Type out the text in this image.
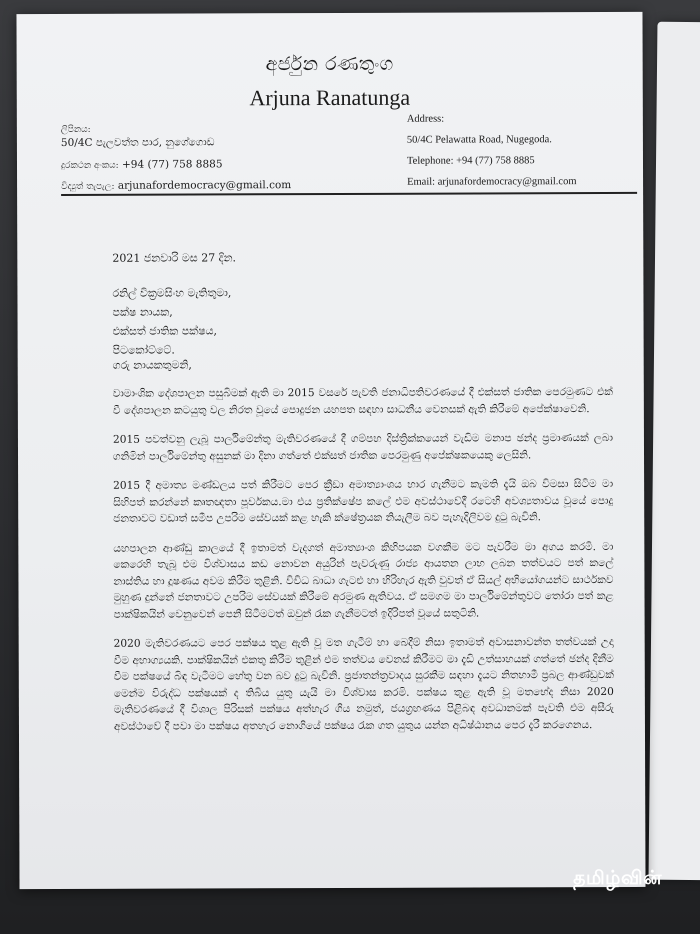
අර්ජුන රණතුංග
Arjuna Ranatunga
ලිපිනය:
50/4C පැලවත්ත පාර, නුගේගොඩ
දුරකථන අංකය: +94 (77) 758 8885
විද්‍යුත් තැපැල: arjunafordemocracy@gmail.com
Address:
50/4C Pelawatta Road, Nugegoda.
Telephone: +94 (77) 758 8885
Email: arjunafordemocracy@gmail.com
2021 ජනවාරි මස 27 දින.
රනිල් වික්‍රමසිංහ මැතිතුමා,
පක්ෂ නායක,
එක්සත් ජාතික පක්ෂය,
පිටකෝට්ටේ.
ගරු නායකතුමනි,

වාමාංශික දේශපාලන පසුබිමක් ඇති මා 2015 වසරේ පැවති ජනාධිපතිවරණයේ දී එක්සත් ජාතික පෙරමුණට එක් වී දේශපාලන කටයුතු වල නිරත වූයේ පොදුජන යහපත සඳහා සාධනීය වෙනසක් ඇති කිරීමේ අපේක්ෂාවෙනි.

2015 පවත්වනු ලැබූ පාර්ලිමේන්තු මැතිවරණයේ දී ගම්පහ දිස්ත්‍රික්කයෙන් වැඩිම මනාප ඡන්ද ප්‍රමාණයක් ලබා ගනිමින් පාර්ලිමේන්තු අසුනක් මා දිනා ගත්තේ එක්සත් ජාතික පෙරමුණු අපේක්ෂකයෙකු ලෙසිනි.

2015 දී අමාත්‍ය මණ්ඩලය පත් කිරීමට පෙර ක්‍රීඩා අමාත්‍යාංශය භාර ගැනීමට කැමති දැයි ඔබ විමසා සිටිම මා සිහිපත් කරන්නේ කෘතඥතා පූර්වකය.මා එය ප්‍රතික්ෂේප කලේ එම අවස්ථාවේදී රටෙහි අවශ්‍යතාවය වූයේ පොදු ජනතාවට වඩාත් සමීප උපරිම සේවයක් කළ හැකි ක්ෂේත්‍රයක නියැලීම බව පැහැදිලිවම දුටු බැවිනි.

යහපාලන ආණ්ඩු කාලයේ දී ඉතාමත් වැදගත් අමාත්‍යාංශ කිහිපයක වගකීම මට පැවරීම මා අගය කරමි. මා කෙරෙහි තැබූ එම විශ්වාසය කඩ නොවන අයුරින් පැවරුණු රාජ්‍ය ආයතන ලාභ ලබන තත්වයට පත් කලේ නාස්තිය හා දූෂණය අවම කිරීම තුළිනි. විවිධ බාධා ගැටළු හා හිරිහැර ඇති වුවත් ඒ සියල් අභියෝගයන්ට සාර්ථකව මුහුණ දුන්නේ ජනතාවට උපරිම සේවයක් කිරීමේ අරමුණ ඇතිවය. ඒ සමගම මා පාර්ලිමේන්තුවට තෝරා පත් කළ පාක්ෂිකයින් වෙනුවෙන් පෙනී සිටීමටත් ඔවුන් රැක ගැනීමටත් ඉදිරිපත් වූයේ සතුටිනි.

2020 මැතිවරණයට පෙර පක්ෂය තුළ ඇති වූ මත ගැටීම් හා බෙදීම් නිසා ඉතාමත් අවාසනාවන්ත තත්වයක් උදා වීම අභාග්‍යයකි. පාක්ෂිකයින් එකතු කිරීම තුළින් එම තත්වය වෙනස් කිරීමට මා දැඩි උත්සාහයක් ගත්තේ ඡන්ද දිනීම වීම පක්ෂයේ බිඳ වැටීමට හේතු වන බව දුටු බැවිනි. ප්‍රජාතන්ත්‍රවාදය සුරකීම සඳහා දැයට නිතහාමී ප්‍රබල ආණ්ඩුවක් මෙන්ම විරුද්ධ පක්ෂයක් ද තිබිය යුතු යැයි මා විශ්වාස කරමි. පක්ෂය තුළ ඇති වූ මතභේද නිසා 2020 මැතිවරණයේ දී විශාල පිරිසක් පක්ෂය අත්හැර ගිය නමුත්, ජයග්‍රහණය පිළිබඳ අවධානමක් පැවති එම අසීරු අවස්ථාවේ දී පවා මා පක්ෂය අතහැර නොගියේ පක්ෂය රැක ගත යුතුය යන්න අධිෂ්ඨානය පෙර දැරී කරගෙනය.

தமிழ்வின்
